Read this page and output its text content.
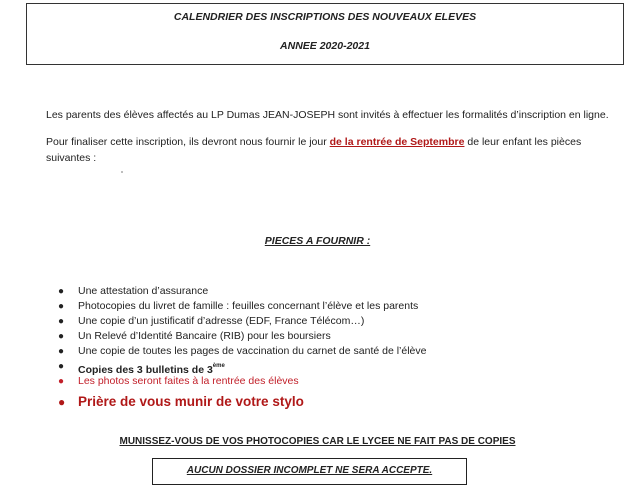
CALENDRIER DES INSCRIPTIONS DES NOUVEAUX ELEVES
ANNEE 2020-2021
Les parents des élèves affectés au LP Dumas JEAN-JOSEPH sont invités à effectuer les formalités d’inscription en ligne.
Pour finaliser cette inscription, ils devront nous fournir le jour de la rentrée de Septembre de leur enfant les pièces suivantes :
PIECES A FOURNIR :
● Une attestation d’assurance
● Photocopies du livret de famille : feuilles concernant l’élève et les parents
● Une copie d’un justificatif d’adresse (EDF, France Télécom…)
● Un Relevé d’Identité Bancaire (RIB) pour les boursiers
● Une copie de toutes les pages de vaccination du carnet de santé de l’élève
● Copies des 3 bulletins de 3ème
● Les photos seront faites à la rentrée des élèves
● Prière de vous munir de votre stylo
MUNISSEZ-VOUS DE VOS PHOTOCOPIES CAR LE LYCEE NE FAIT PAS DE COPIES
AUCUN DOSSIER INCOMPLET NE SERA ACCEPTE.
